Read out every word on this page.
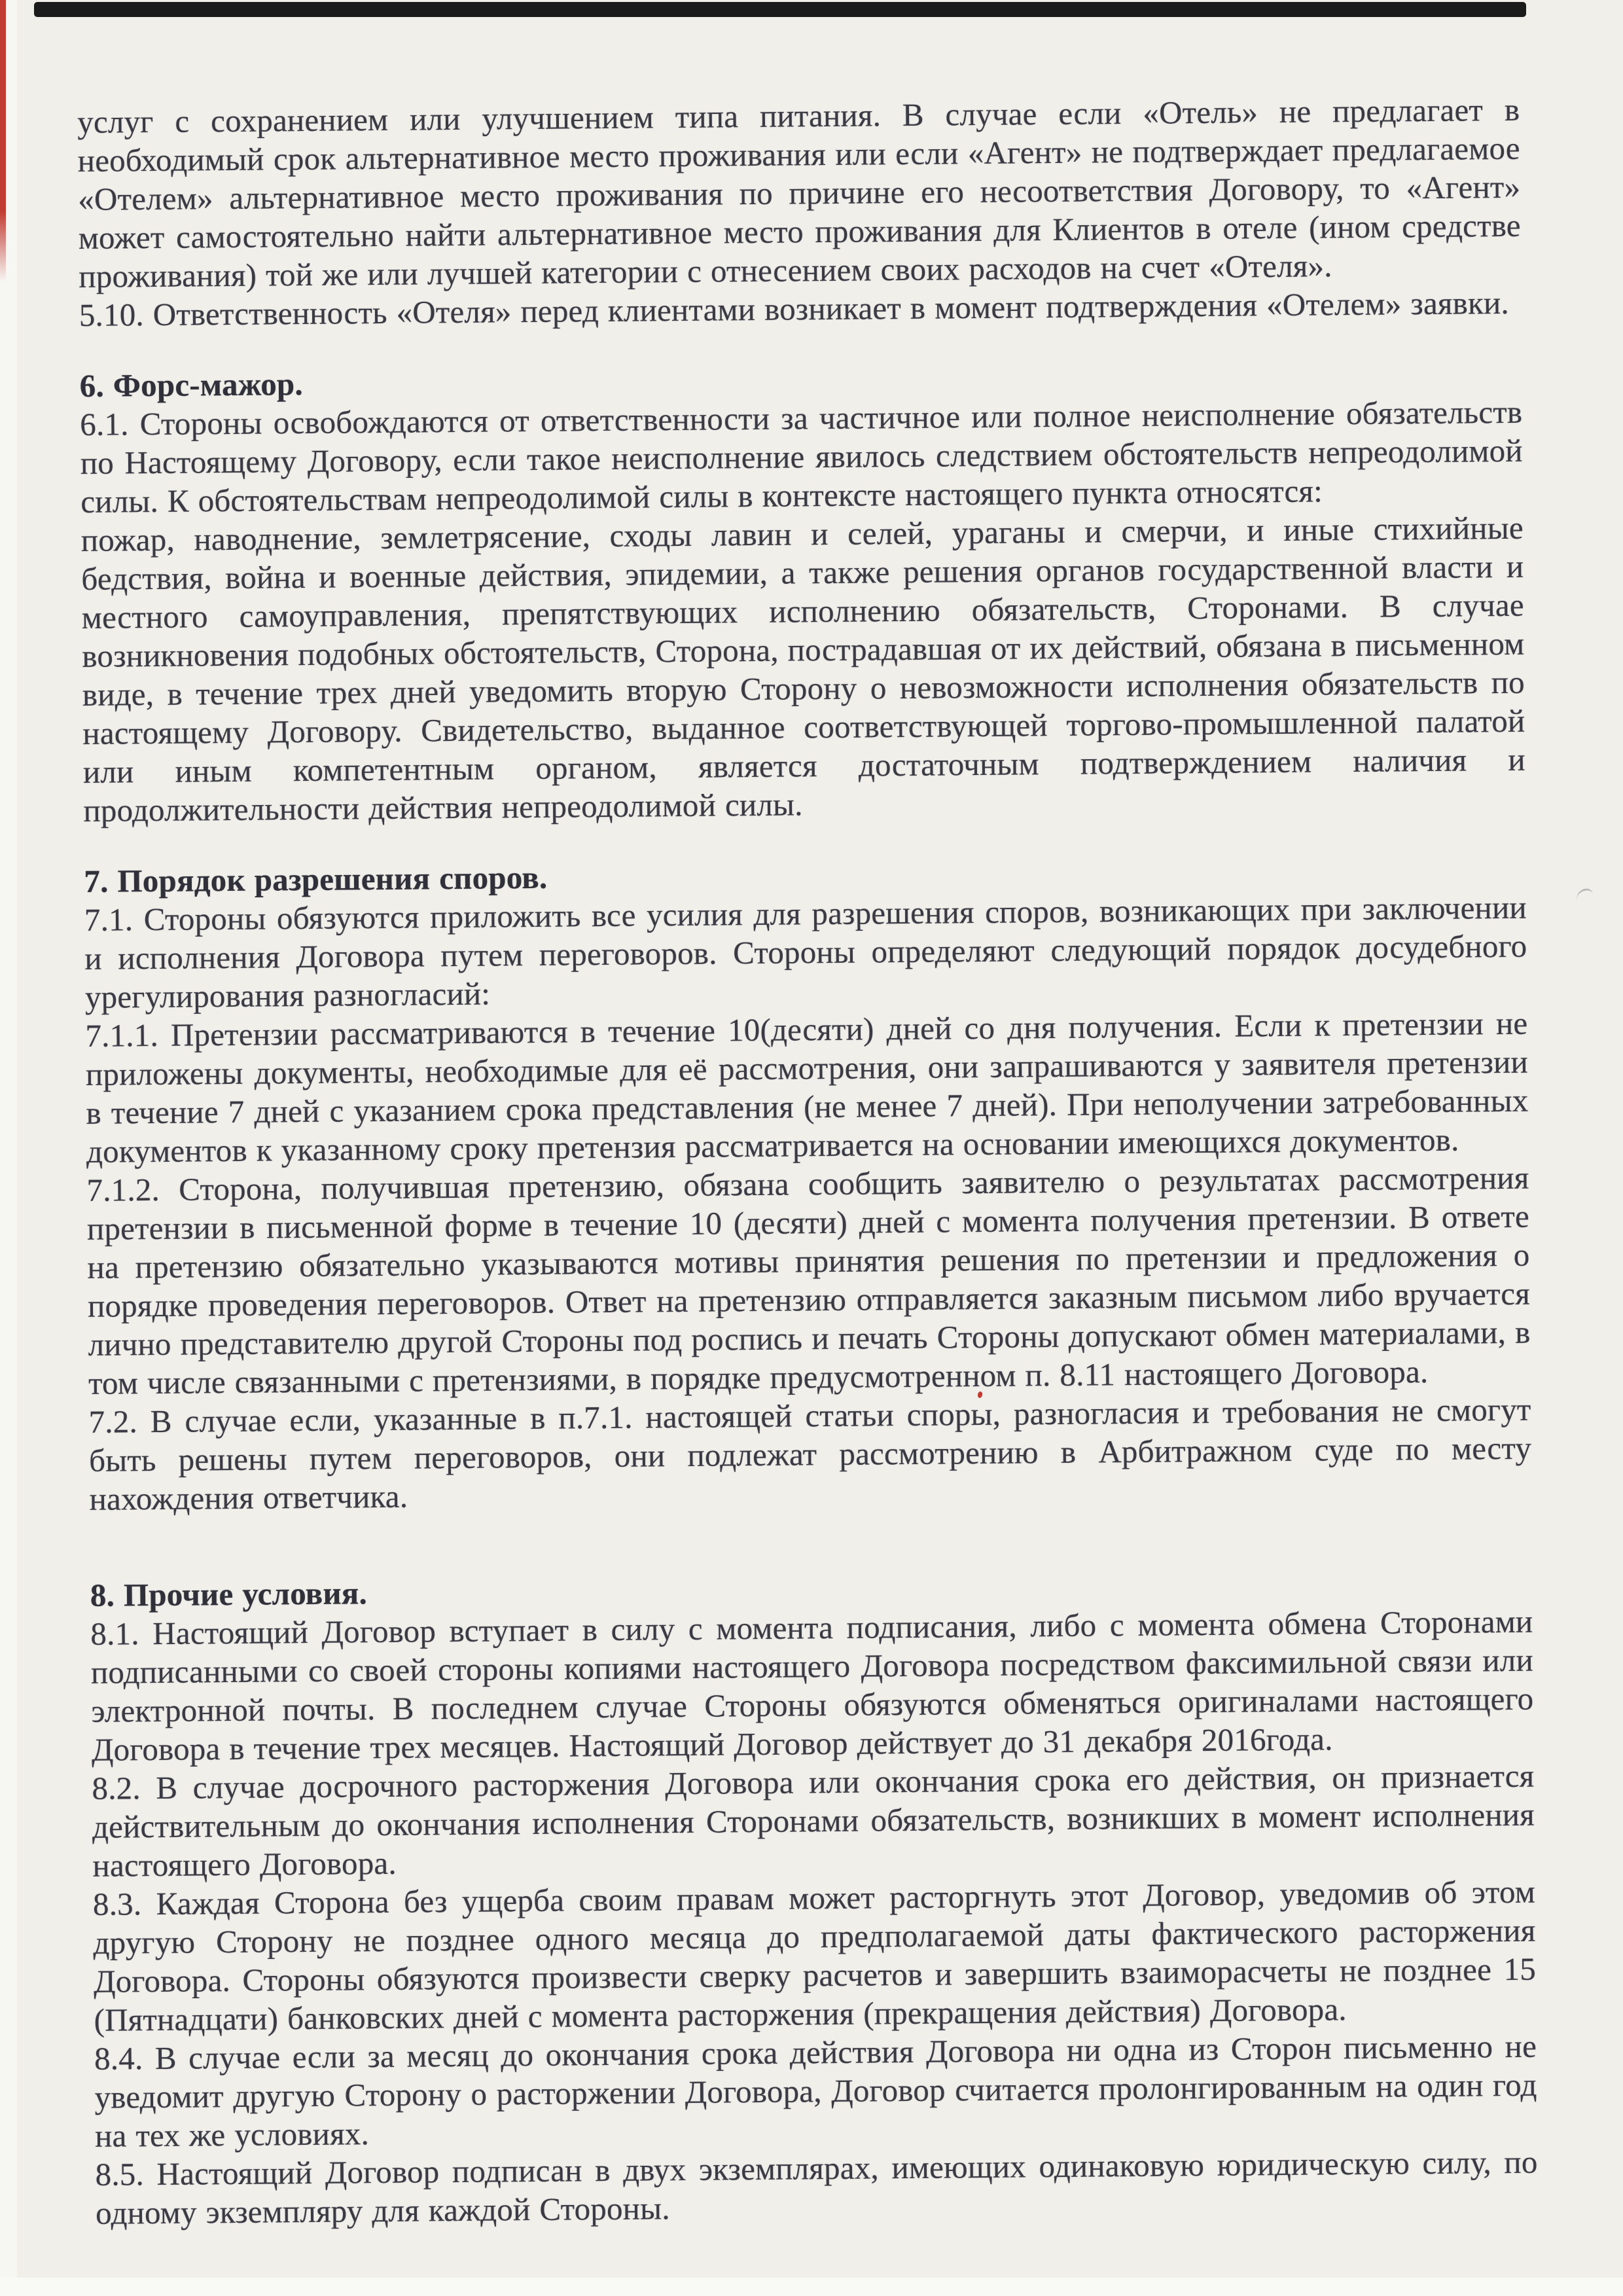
услуг с сохранением или улучшением типа питания. В случае если «Отель» не предлагает в необходимый срок альтернативное место проживания или если «Агент» не подтверждает предлагаемое «Отелем» альтернативное место проживания по причине его несоответствия Договору, то «Агент» может самостоятельно найти альтернативное место проживания для Клиентов в отеле (ином средстве проживания) той же или лучшей категории с отнесением своих расходов на счет «Отеля».

5.10. Ответственность «Отеля» перед клиентами возникает в момент подтверждения «Отелем» заявки.

6. Форс-мажор.

6.1. Стороны освобождаются от ответственности за частичное или полное неисполнение обязательств по Настоящему Договору, если такое неисполнение явилось следствием обстоятельств непреодолимой силы. К обстоятельствам непреодолимой силы в контексте настоящего пункта относятся:

пожар, наводнение, землетрясение, сходы лавин и селей, ураганы и смерчи, и иные стихийные бедствия, война и военные действия, эпидемии, а также решения органов государственной власти и местного самоуправления, препятствующих исполнению обязательств, Сторонами. В случае возникновения подобных обстоятельств, Сторона, пострадавшая от их действий, обязана в письменном виде, в течение трех дней уведомить вторую Сторону о невозможности исполнения обязательств по настоящему Договору. Свидетельство, выданное соответствующей торгово-промышленной палатой или иным компетентным органом, является достаточным подтверждением наличия и продолжительности действия непреодолимой силы.

7. Порядок разрешения споров.

7.1. Стороны обязуются приложить все усилия для разрешения споров, возникающих при заключении и исполнения Договора путем переговоров. Стороны определяют следующий порядок досудебного урегулирования разногласий:

7.1.1. Претензии рассматриваются в течение 10(десяти) дней со дня получения. Если к претензии не приложены документы, необходимые для её рассмотрения, они запрашиваются у заявителя претензии в течение 7 дней с указанием срока представления (не менее 7 дней). При неполучении затребованных документов к указанному сроку претензия рассматривается на основании имеющихся документов.

7.1.2. Сторона, получившая претензию, обязана сообщить заявителю о результатах рассмотрения претензии в письменной форме в течение 10 (десяти) дней с момента получения претензии. В ответе на претензию обязательно указываются мотивы принятия решения по претензии и предложения о порядке проведения переговоров. Ответ на претензию отправляется заказным письмом либо вручается лично представителю другой Стороны под роспись и печать Стороны допускают обмен материалами, в том числе связанными с претензиями, в порядке предусмотренном п. 8.11 настоящего Договора.

7.2. В случае если, указанные в п.7.1. настоящей статьи споры, разногласия и требования не смогут быть решены путем переговоров, они подлежат рассмотрению в Арбитражном суде по месту нахождения ответчика.

8. Прочие условия.

8.1. Настоящий Договор вступает в силу с момента подписания, либо с момента обмена Сторонами подписанными со своей стороны копиями настоящего Договора посредством факсимильной связи или электронной почты. В последнем случае Стороны обязуются обменяться оригиналами настоящего Договора в течение трех месяцев. Настоящий Договор действует до 31 декабря 2016года.

8.2. В случае досрочного расторжения Договора или окончания срока его действия, он признается действительным до окончания исполнения Сторонами обязательств, возникших в момент исполнения настоящего Договора.

8.3. Каждая Сторона без ущерба своим правам может расторгнуть этот Договор, уведомив об этом другую Сторону не позднее одного месяца до предполагаемой даты фактического расторжения Договора. Стороны обязуются произвести сверку расчетов и завершить взаиморасчеты не позднее 15 (Пятнадцати) банковских дней с момента расторжения (прекращения действия) Договора.

8.4. В случае если за месяц до окончания срока действия Договора ни одна из Сторон письменно не уведомит другую Сторону о расторжении Договора, Договор считается пролонгированным на один год на тех же условиях.

8.5. Настоящий Договор подписан в двух экземплярах, имеющих одинаковую юридическую силу, по одному экземпляру для каждой Стороны.
